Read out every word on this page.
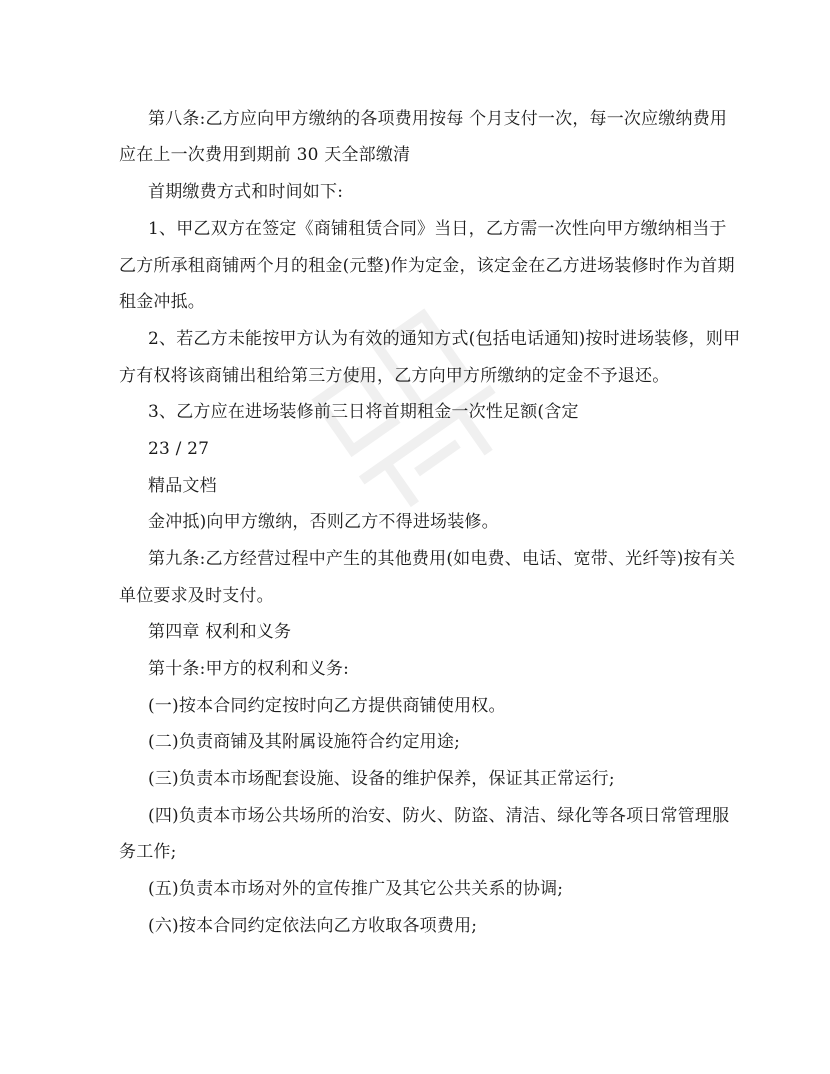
第八条:乙方应向甲方缴纳的各项费用按每 个月支付一次，每一次应缴纳费用
应在上一次费用到期前 30 天全部缴清
首期缴费方式和时间如下:
1、甲乙双方在签定《商铺租赁合同》当日，乙方需一次性向甲方缴纳相当于
乙方所承租商铺两个月的租金(元整)作为定金，该定金在乙方进场装修时作为首期
租金冲抵。
2、若乙方未能按甲方认为有效的通知方式(包括电话通知)按时进场装修，则甲
方有权将该商铺出租给第三方使用，乙方向甲方所缴纳的定金不予退还。
3、乙方应在进场装修前三日将首期租金一次性足额(含定
23 / 27
精品文档
金冲抵)向甲方缴纳，否则乙方不得进场装修。
第九条:乙方经营过程中产生的其他费用(如电费、电话、宽带、光纤等)按有关
单位要求及时支付。
第四章 权利和义务
第十条:甲方的权利和义务:
(一)按本合同约定按时向乙方提供商铺使用权。
(二)负责商铺及其附属设施符合约定用途;
(三)负责本市场配套设施、设备的维护保养，保证其正常运行;
(四)负责本市场公共场所的治安、防火、防盗、清洁、绿化等各项日常管理服
务工作;
(五)负责本市场对外的宣传推广及其它公共关系的协调;
(六)按本合同约定依法向乙方收取各项费用;
